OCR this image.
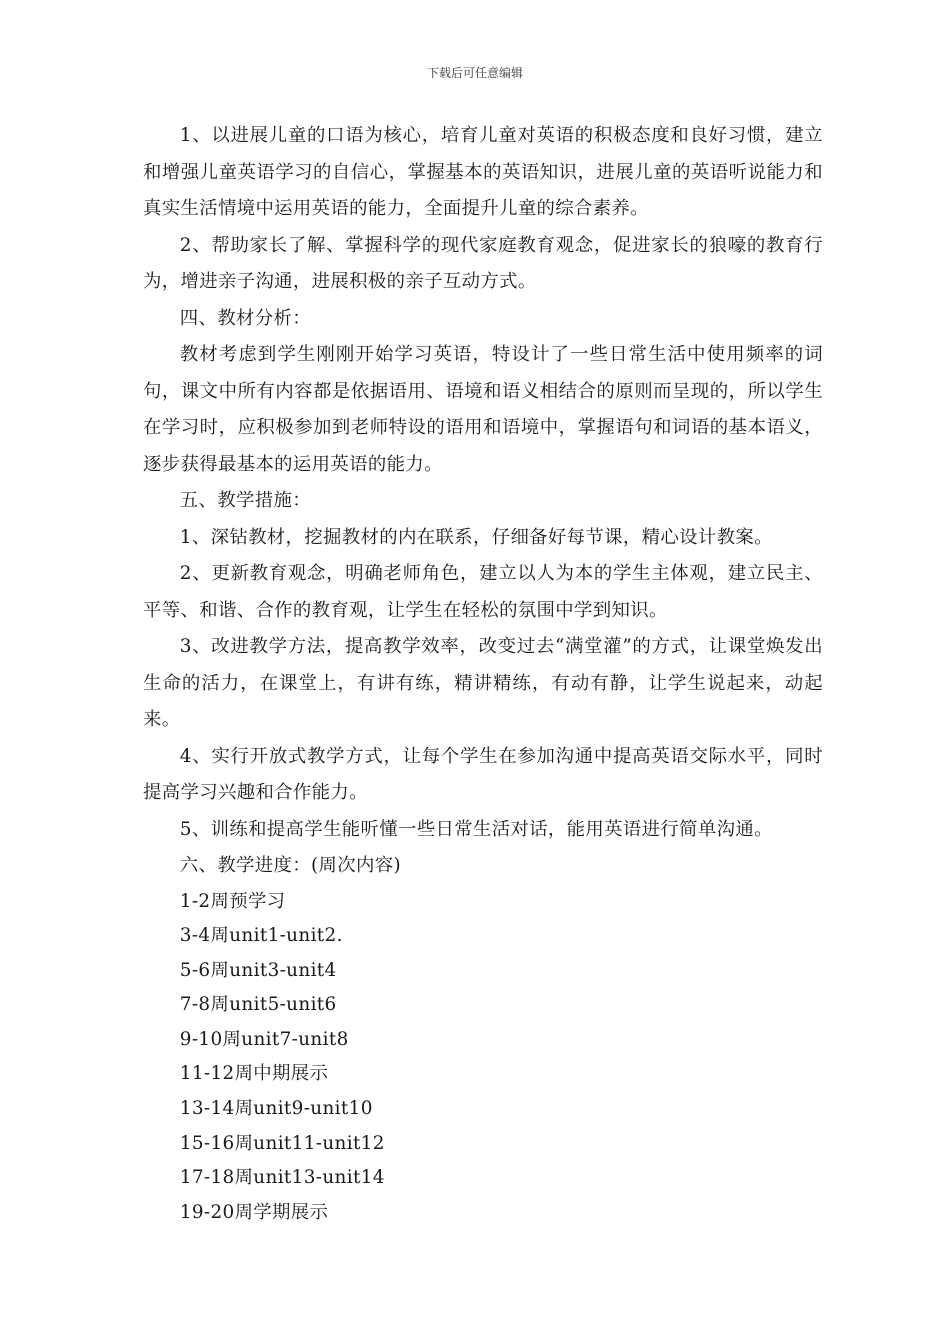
下载后可任意编辑

1、以进展儿童的口语为核心，培育儿童对英语的积极态度和良好习惯，建立和增强儿童英语学习的自信心，掌握基本的英语知识，进展儿童的英语听说能力和真实生活情境中运用英语的能力，全面提升儿童的综合素养。

2、帮助家长了解、掌握科学的现代家庭教育观念，促进家长的狼嚎的教育行为，增进亲子沟通，进展积极的亲子互动方式。

四、教材分析：

教材考虑到学生刚刚开始学习英语，特设计了一些日常生活中使用频率的词句，课文中所有内容都是依据语用、语境和语义相结合的原则而呈现的，所以学生在学习时，应积极参加到老师特设的语用和语境中，掌握语句和词语的基本语义，逐步获得最基本的运用英语的能力。

五、教学措施：

1、深钻教材，挖掘教材的内在联系，仔细备好每节课，精心设计教案。

2、更新教育观念，明确老师角色，建立以人为本的学生主体观，建立民主、平等、和谐、合作的教育观，让学生在轻松的氛围中学到知识。

3、改进教学方法，提高教学效率，改变过去“满堂灌”的方式，让课堂焕发出生命的活力，在课堂上，有讲有练，精讲精练，有动有静，让学生说起来，动起来。

4、实行开放式教学方式，让每个学生在参加沟通中提高英语交际水平，同时提高学习兴趣和合作能力。

5、训练和提高学生能听懂一些日常生活对话，能用英语进行简单沟通。

六、教学进度：(周次内容)

1-2周预学习

3-4周unit1-unit2.

5-6周unit3-unit4

7-8周unit5-unit6

9-10周unit7-unit8

11-12周中期展示

13-14周unit9-unit10

15-16周unit11-unit12

17-18周unit13-unit14

19-20周学期展示
